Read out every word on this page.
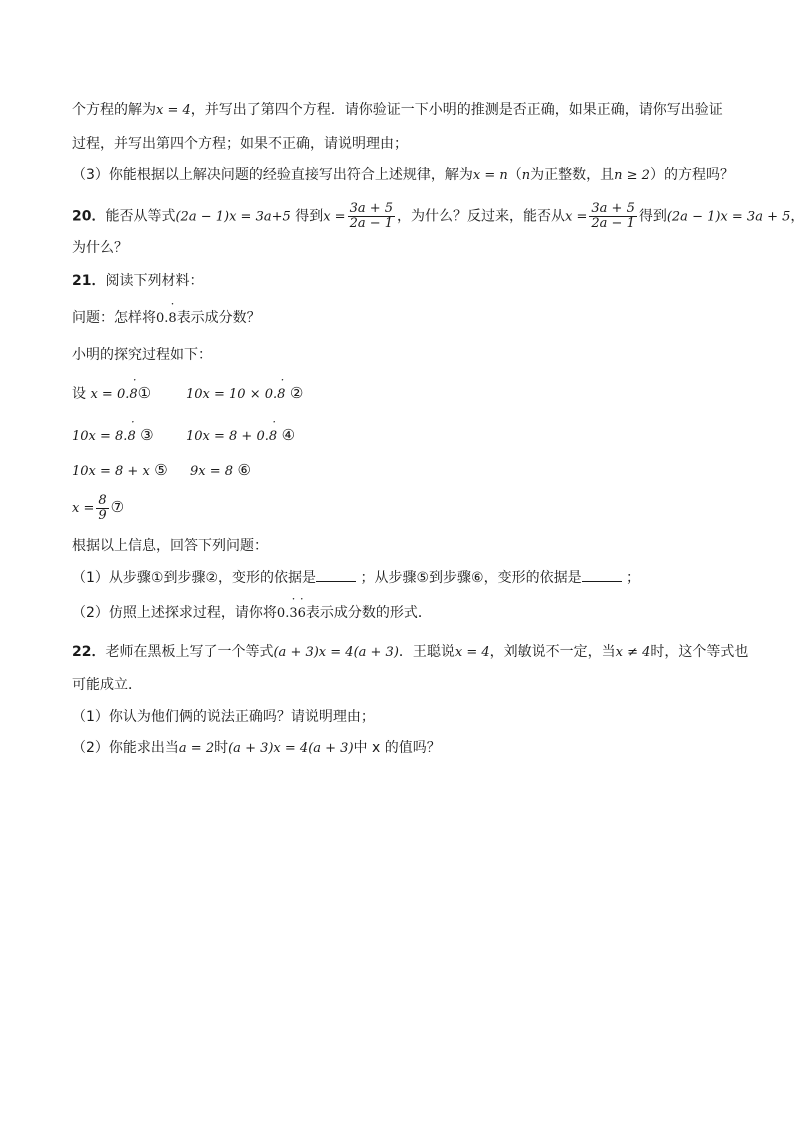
个方程的解为x = 4，并写出了第四个方程．请你验证一下小明的推测是否正确，如果正确，请你写出验证
过程，并写出第四个方程；如果不正确，请说明理由；
（3）你能根据以上解决问题的经验直接写出符合上述规律，解为x = n（n为正整数，且n ≥ 2）的方程吗？
20．能否从等式(2a − 1)x = 3a+5 得到$x = \frac{3a + 5}{2a - 1}$ ，为什么？反过来，能否从$x = \frac{3a + 5}{2a - 1}$ 得到(2a − 1)x = 3a + 5，
为什么？
21．阅读下列材料：
问题：怎样将0.˙ 8表示成分数？
小明的探究过程如下：
设 x = 0.˙ 8①	10x = 10 × 0.˙ 8 ②
10x = 8.˙ 8 ③ 10x = 8 + 0.˙ 8 ④
10x = 8 + x ⑤ 9x = 8 ⑥
$x = \frac{8}{9}$ ⑦
根据以上信息，回答下列问题：
（1）从步骤①到步骤②，变形的依据是	；从步骤⑤到步骤⑥，变形的依据是	；
（2）仿照上述探求过程，请你将0.˙ 3˙ 6表示成分数的形式．
22．老师在黑板上写了一个等式(a + 3)x = 4(a + 3)．王聪说x = 4，刘敏说不一定，当x ≠ 4时，这个等式也
可能成立．
（1）你认为他们俩的说法正确吗？请说明理由；
（2）你能求出当a = 2时(a + 3)x = 4(a + 3)中 x 的值吗？
